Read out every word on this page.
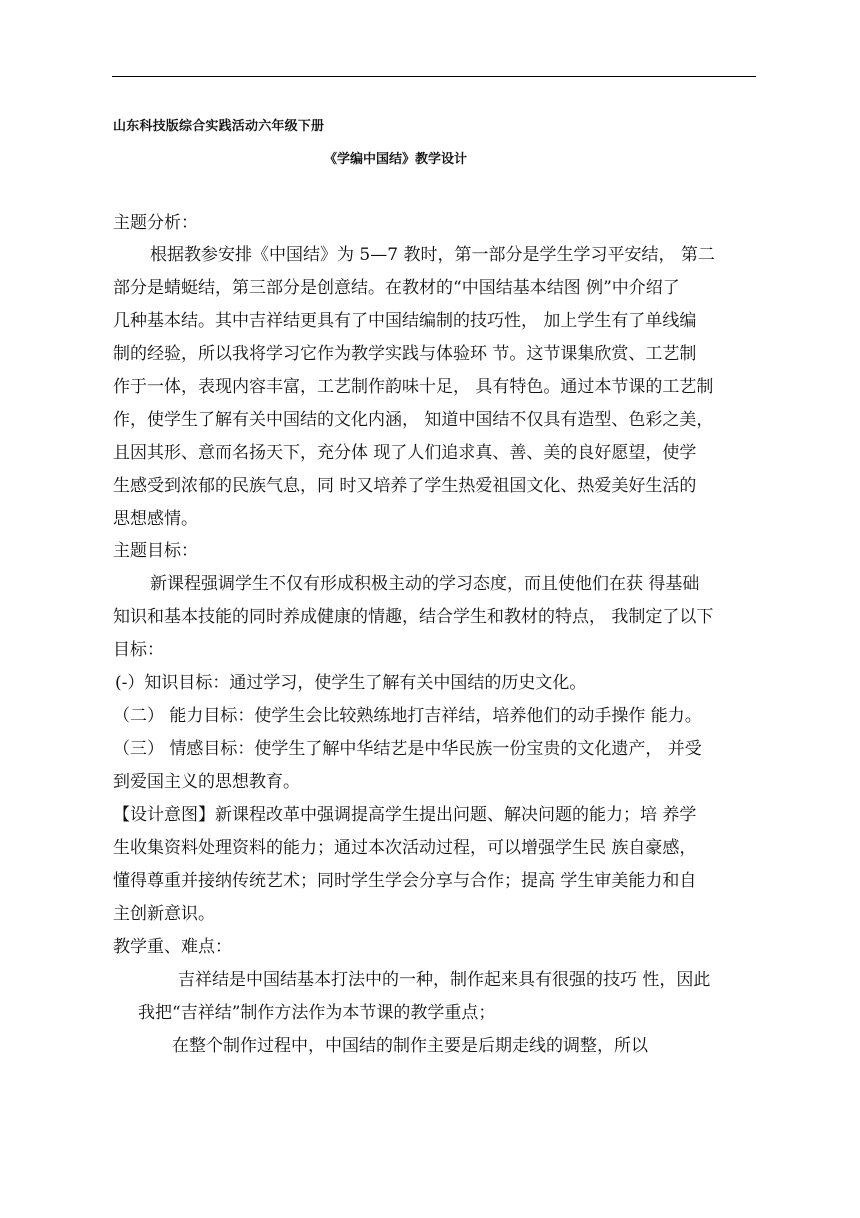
山东科技版综合实践活动六年级下册
《学编中国结》教学设计
主题分析：
根据教参安排《中国结》为 5—7 教时，第一部分是学生学习平安结， 第二
部分是蜻蜓结，第三部分是创意结。在教材的“中国结基本结图 例”中介绍了
几种基本结。其中吉祥结更具有了中国结编制的技巧性， 加上学生有了单线编
制的经验，所以我将学习它作为教学实践与体验环 节。这节课集欣赏、工艺制
作于一体，表现内容丰富，工艺制作韵味十足， 具有特色。通过本节课的工艺制
作，使学生了解有关中国结的文化内涵， 知道中国结不仅具有造型、色彩之美，
且因其形、意而名扬天下，充分体 现了人们追求真、善、美的良好愿望，使学
生感受到浓郁的民族气息，同 时又培养了学生热爱祖国文化、热爱美好生活的
思想感情。
主题目标：
新课程强调学生不仅有形成积极主动的学习态度，而且使他们在获 得基础
知识和基本技能的同时养成健康的情趣，结合学生和教材的特点， 我制定了以下
目标：
(-）知识目标：通过学习，使学生了解有关中国结的历史文化。
（二） 能力目标：使学生会比较熟练地打吉祥结，培养他们的动手操作 能力。
（三） 情感目标：使学生了解中华结艺是中华民族一份宝贵的文化遗产， 并受
到爱国主义的思想教育。
【设计意图】新课程改革中强调提高学生提出问题、解决问题的能力；培 养学
生收集资料处理资料的能力；通过本次活动过程，可以增强学生民 族自豪感，
懂得尊重并接纳传统艺术；同时学生学会分享与合作；提高 学生审美能力和自
主创新意识。
教学重、难点：
吉祥结是中国结基本打法中的一种，制作起来具有很强的技巧 性，因此
我把“吉祥结”制作方法作为本节课的教学重点；
在整个制作过程中，中国结的制作主要是后期走线的调整，所以
